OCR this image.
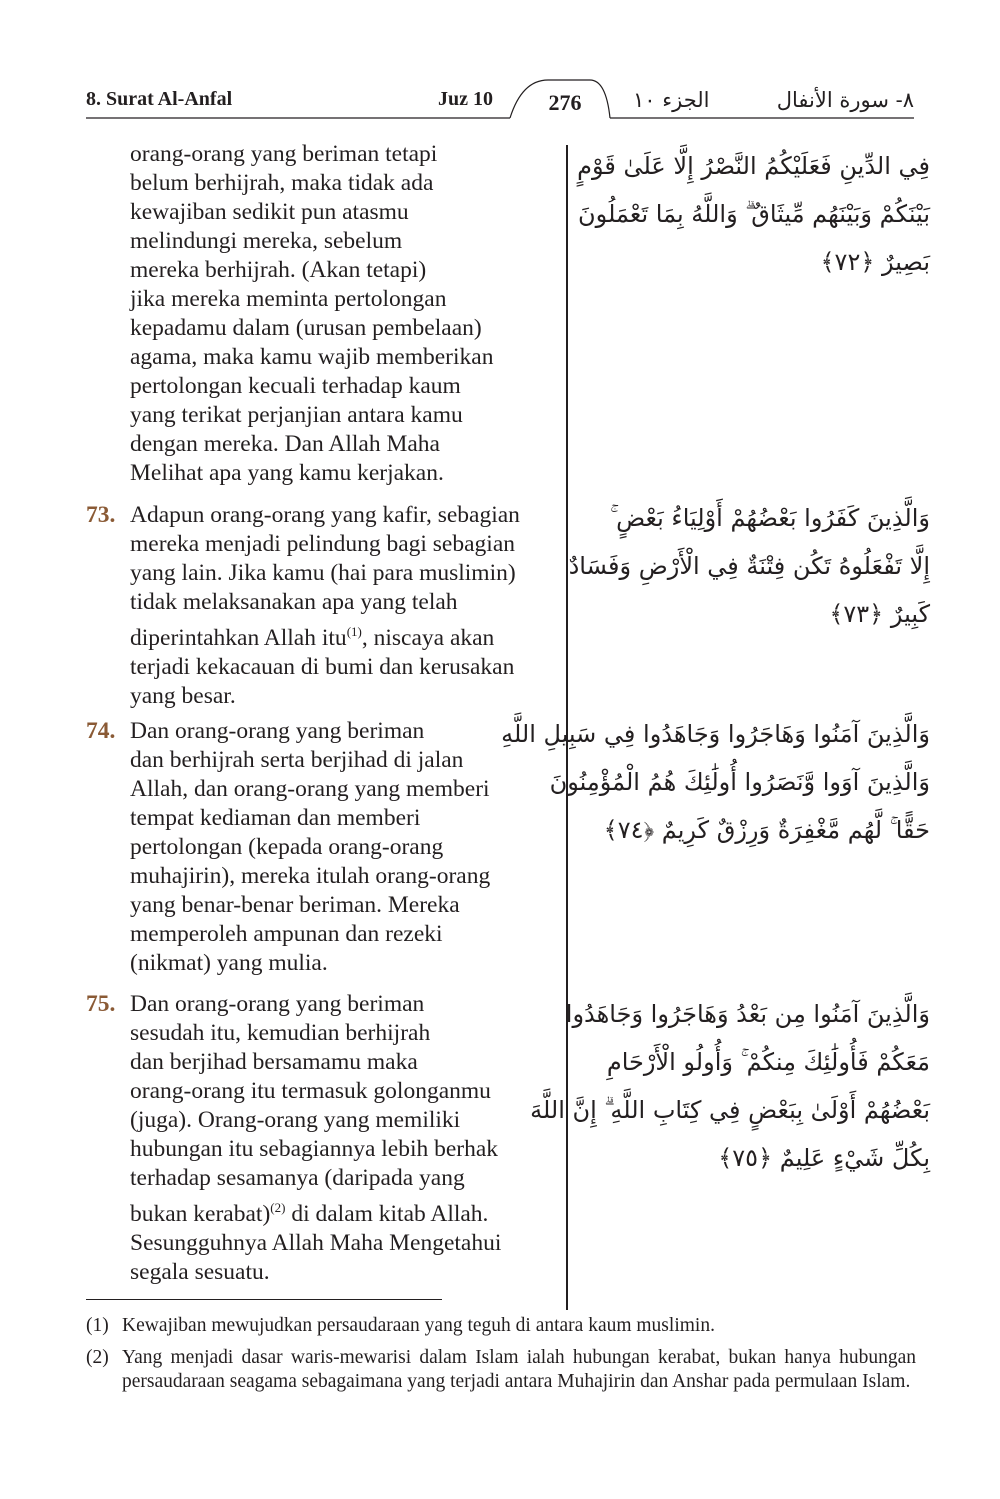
8. Surat Al-Anfal	Juz 10	276	الجزء ١٠	٨- سورة الأنفال
orang-orang yang beriman tetapi
belum berhijrah, maka tidak ada
kewajiban sedikit pun atasmu
melindungi mereka, sebelum
mereka berhijrah. (Akan tetapi)
jika mereka meminta pertolongan
kepadamu dalam (urusan pembelaan)
agama, maka kamu wajib memberikan
pertolongan kecuali terhadap kaum
yang terikat perjanjian antara kamu
dengan mereka. Dan Allah Maha
Melihat apa yang kamu kerjakan.
فِي الدِّينِ فَعَلَيْكُمُ النَّصْرُ إِلَّا عَلَىٰ قَوْمٍ
بَيْنَكُمْ وَبَيْنَهُم مِّيثَاقٌ ۗ وَاللَّهُ بِمَا تَعْمَلُونَ
بَصِيرٌ ﴿٧٢﴾
73. Adapun orang-orang yang kafir, sebagian
mereka menjadi pelindung bagi sebagian
yang lain. Jika kamu (hai para muslimin)
tidak melaksanakan apa yang telah
diperintahkan Allah itu$^{(1)}$, niscaya akan
terjadi kekacauan di bumi dan kerusakan
yang besar.
وَالَّذِينَ كَفَرُوا بَعْضُهُمْ أَوْلِيَاءُ بَعْضٍ ۚ
إِلَّا تَفْعَلُوهُ تَكُن فِتْنَةٌ فِي الْأَرْضِ وَفَسَادٌ
كَبِيرٌ ﴿٧٣﴾
74. Dan orang-orang yang beriman
dan berhijrah serta berjihad di jalan
Allah, dan orang-orang yang memberi
tempat kediaman dan memberi
pertolongan (kepada orang-orang
muhajirin), mereka itulah orang-orang
yang benar-benar beriman. Mereka
memperoleh ampunan dan rezeki
(nikmat) yang mulia.
وَالَّذِينَ آمَنُوا وَهَاجَرُوا وَجَاهَدُوا فِي سَبِيلِ اللَّهِ
وَالَّذِينَ آوَوا وَّنَصَرُوا أُولَٰئِكَ هُمُ الْمُؤْمِنُونَ
حَقًّا ۚ لَّهُم مَّغْفِرَةٌ وَرِزْقٌ كَرِيمٌ ﴿٧٤﴾
75. Dan orang-orang yang beriman
sesudah itu, kemudian berhijrah
dan berjihad bersamamu maka
orang-orang itu termasuk golonganmu
(juga). Orang-orang yang memiliki
hubungan itu sebagiannya lebih berhak
terhadap sesamanya (daripada yang
bukan kerabat)$^{(2)}$ di dalam kitab Allah.
Sesungguhnya Allah Maha Mengetahui
segala sesuatu.
وَالَّذِينَ آمَنُوا مِن بَعْدُ وَهَاجَرُوا وَجَاهَدُوا
مَعَكُمْ فَأُولَٰئِكَ مِنكُمْ ۚ وَأُولُو الْأَرْحَامِ
بَعْضُهُمْ أَوْلَىٰ بِبَعْضٍ فِي كِتَابِ اللَّهِ ۗ إِنَّ اللَّهَ
بِكُلِّ شَيْءٍ عَلِيمٌ ﴿٧٥﴾
(1) Kewajiban mewujudkan persaudaraan yang teguh di antara kaum muslimin.
(2) Yang menjadi dasar waris-mewarisi dalam Islam ialah hubungan kerabat, bukan hanya hubungan persaudaraan seagama sebagaimana yang terjadi antara Muhajirin dan Anshar pada permulaan Islam.
